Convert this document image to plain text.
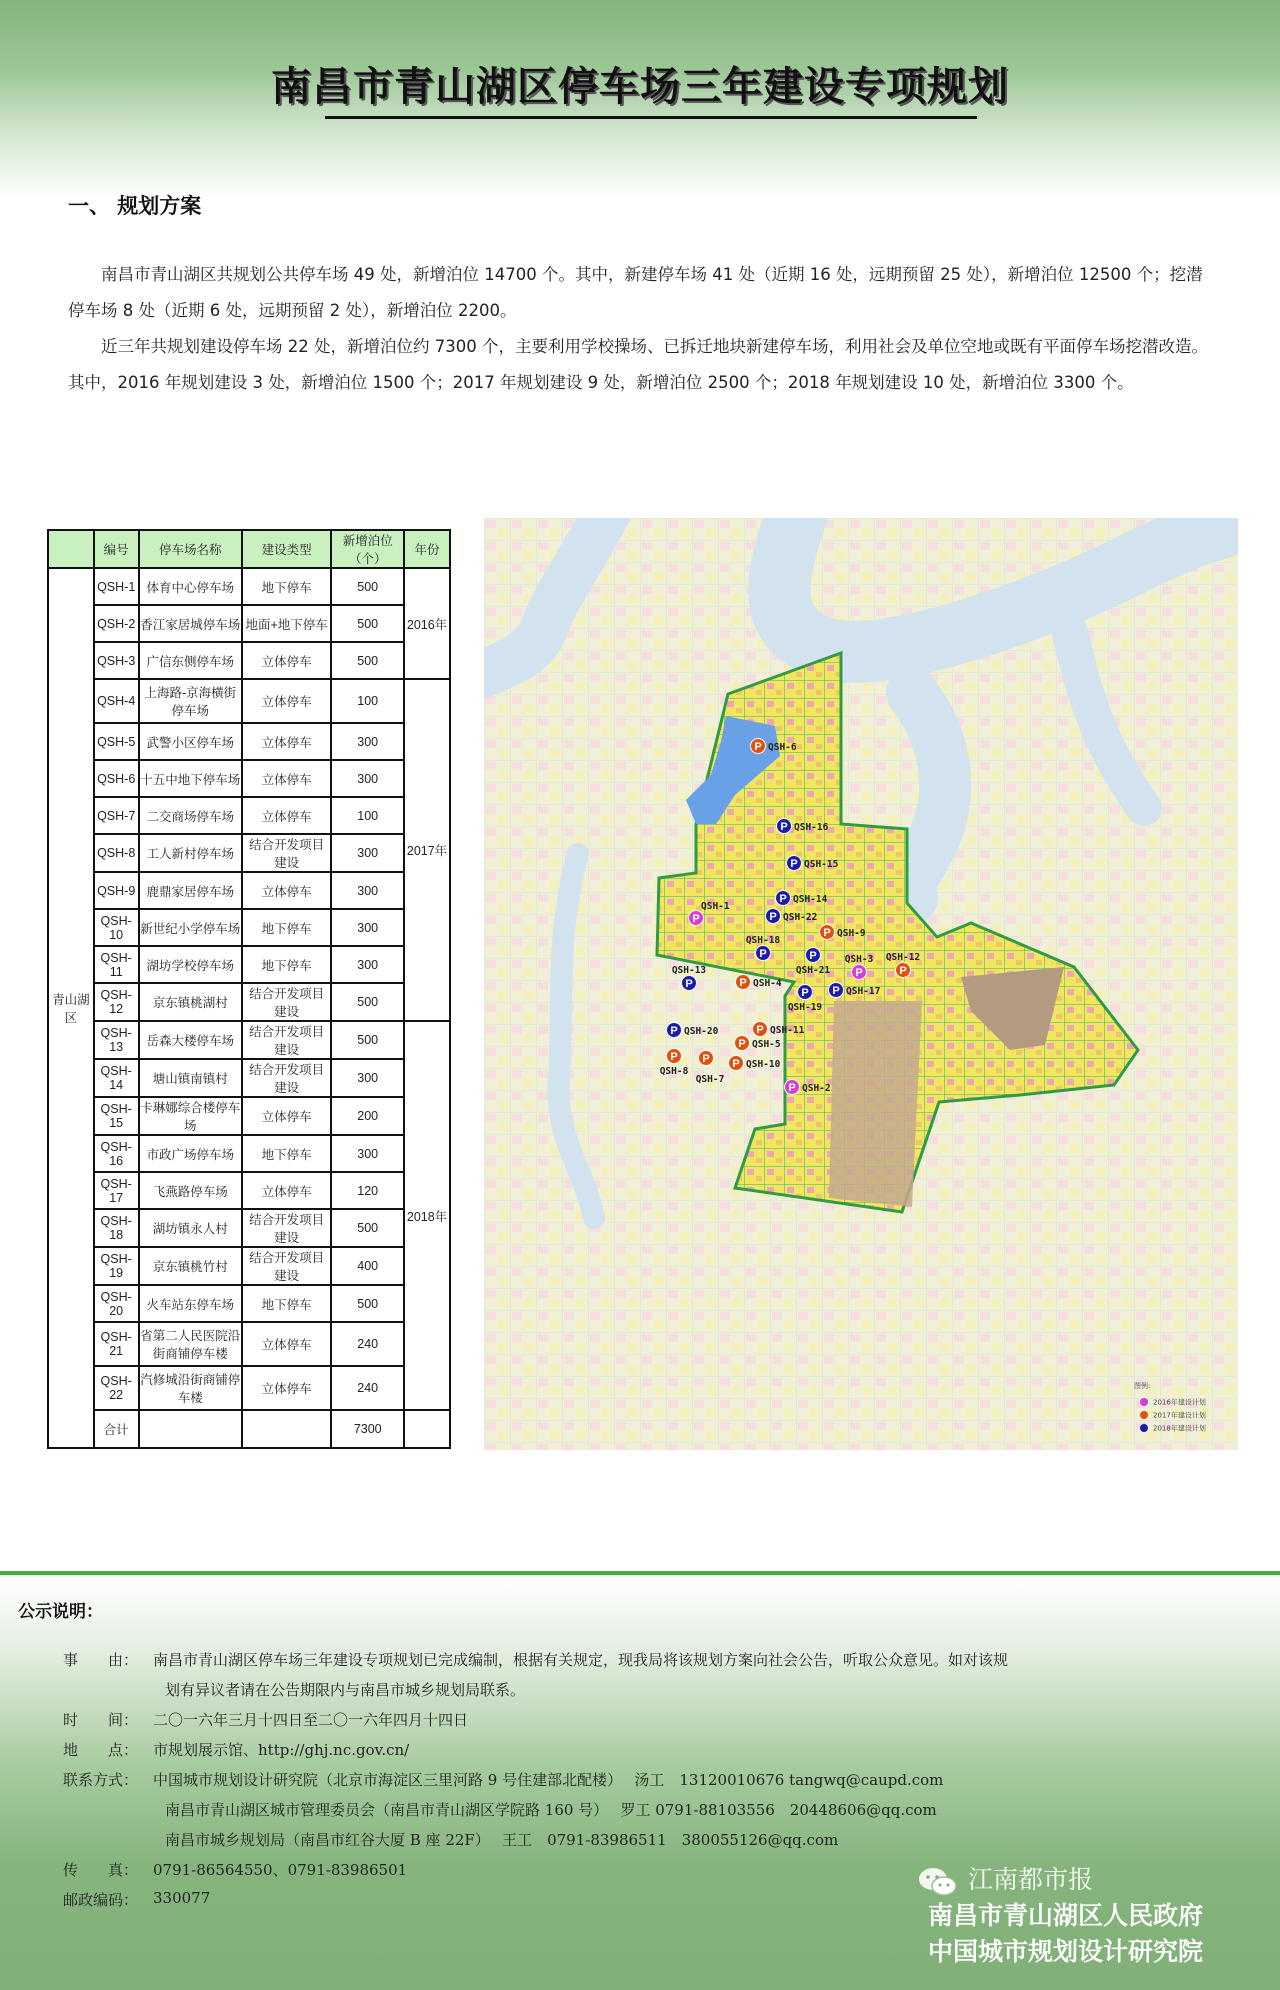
南昌市青山湖区停车场三年建设专项规划
一、 规划方案
南昌市青山湖区共规划公共停车场 49 处，新增泊位 14700 个。其中，新建停车场 41 处（近期 16 处，远期预留 25 处），新增泊位 12500 个；挖潜停车场 8 处（近期 6 处，远期预留 2 处），新增泊位 2200。
近三年共规划建设停车场 22 处，新增泊位约 7300 个，主要利用学校操场、已拆迁地块新建停车场，利用社会及单位空地或既有平面停车场挖潜改造。其中，2016 年规划建设 3 处，新增泊位 1500 个；2017 年规划建设 9 处，新增泊位 2500 个；2018 年规划建设 10 处，新增泊位 3300 个。
	编号	停车场名称	建设类型	新增泊位（个）	年份
青山湖区	QSH-1	体育中心停车场	地下停车	500	2016年
	QSH-2	香江家居城停车场	地面+地下停车	500	
	QSH-3	广信东侧停车场	立体停车	500	
	QSH-4	上海路-京海横街停车场	立体停车	100	2017年
	QSH-5	武警小区停车场	立体停车	300	
	QSH-6	十五中地下停车场	立体停车	300	
	QSH-7	二交商场停车场	立体停车	100	
	QSH-8	工人新村停车场	结合开发项目建设	300	
	QSH-9	鹿鼎家居停车场	立体停车	300	
	QSH-10	新世纪小学停车场	地下停车	300	
	QSH-11	湖坊学校停车场	地下停车	300	
	QSH-12	京东镇桃湖村	结合开发项目建设	500	
	QSH-13	岳森大楼停车场	结合开发项目建设	500	2018年
	QSH-14	塘山镇南镇村	结合开发项目建设	300	
	QSH-15	卡琳娜综合楼停车场	立体停车	200	
	QSH-16	市政广场停车场	地下停车	300	
	QSH-17	飞燕路停车场	立体停车	120	
	QSH-18	湖坊镇永人村	结合开发项目建设	500	
	QSH-19	京东镇桃竹村	结合开发项目建设	400	
	QSH-20	火车站东停车场	地下停车	500	
	QSH-21	省第二人民医院沿街商铺停车楼	立体停车	240	
	QSH-22	汽修城沿街商铺停车楼	立体停车	240	
	合计			7300	
P
QSH-1
P QSH-2
P
QSH-3
P QSH-4
P QSH-5
P QSH-6
P
QSH-7
P
QSH-8
P QSH-9
P QSH-10
P QSH-11
P
QSH-12
P
QSH-13
P QSH-14
P QSH-15
P QSH-16
P QSH-17
P
QSH-18
P
QSH-19
P QSH-20
P
QSH-21
P QSH-22
图例:
2016年建设计划
2017年建设计划
2018年建设计划
公示说明：
事　　由： 南昌市青山湖区停车场三年建设专项规划已完成编制，根据有关规定，现我局将该规划方案向社会公告，听取公众意见。如对该规
划有异议者请在公告期限内与南昌市城乡规划局联系。
时　　间： 二〇一六年三月十四日至二〇一六年四月十四日
地　　点： 市规划展示馆、http://ghj.nc.gov.cn/
联系方式： 中国城市规划设计研究院（北京市海淀区三里河路 9 号住建部北配楼）　 汤工　13120010676 tangwq@caupd.com
南昌市青山湖区城市管理委员会（南昌市青山湖区学院路 160 号）　 罗工 0791-88103556　20448606@qq.com
南昌市城乡规划局（南昌市红谷大厦 B 座 22F）　 王工　0791-83986511　380055126@qq.com
传　　真： 0791-86564550、0791-83986501
邮政编码： 330077
江南都市报
南昌市青山湖区人民政府
中国城市规划设计研究院
